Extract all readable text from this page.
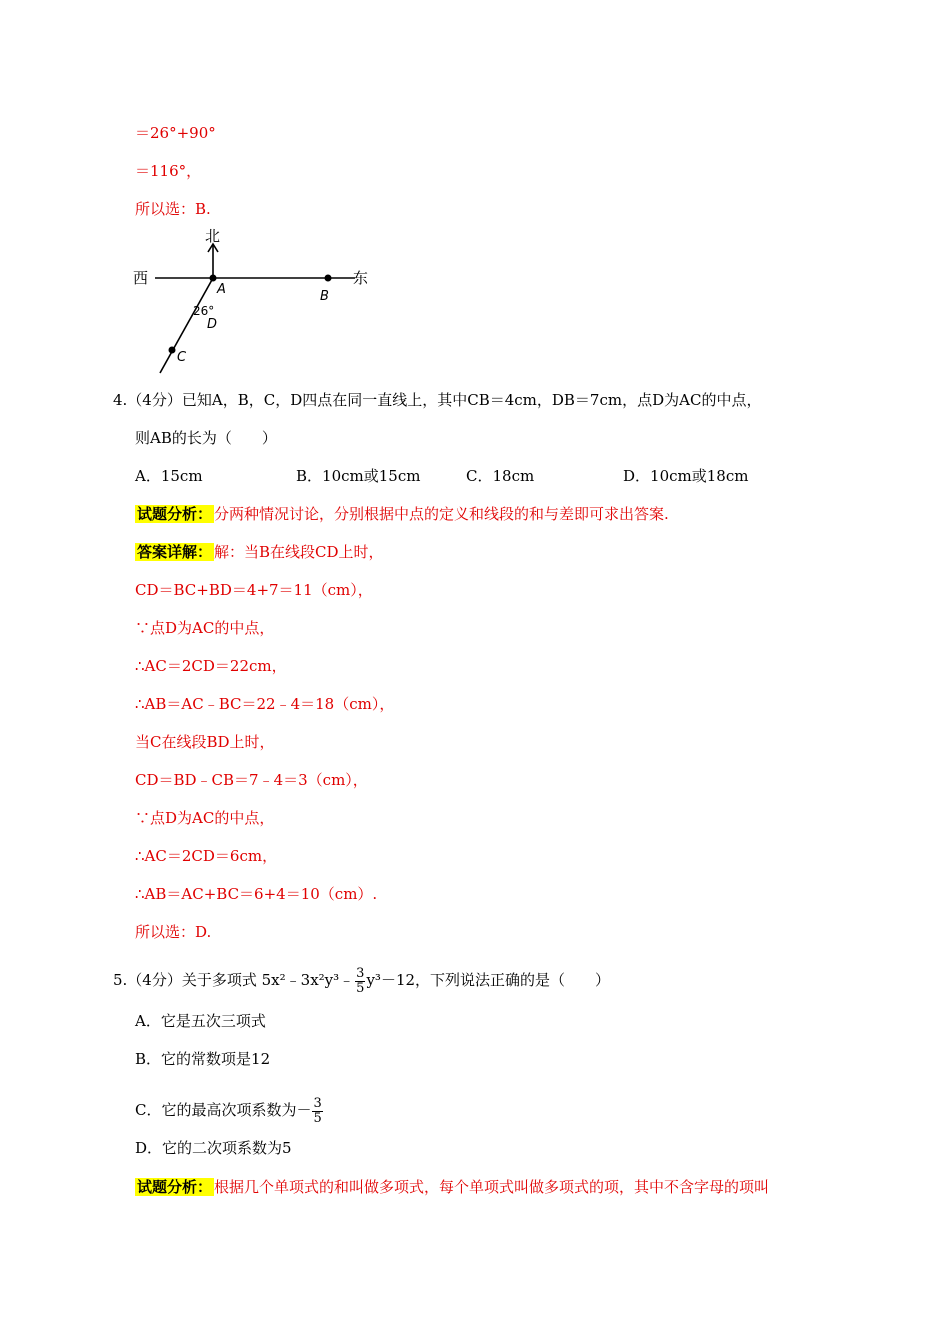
＝26°+90°
＝116°，
所以选：B.
北
西	东
A	B
C
D
26°
4.（4分）已知A，B，C，D四点在同一直线上，其中CB＝4cm，DB＝7cm，点D为AC的中点，
则AB的长为（　　）
A．15cm	B．10cm或15cm	C．18cm	D．10cm或18cm
试题分析： 分两种情况讨论，分别根据中点的定义和线段的和与差即可求出答案.
答案详解： 解：当B在线段CD上时，
CD＝BC+BD＝4+7＝11（cm），
∵点D为AC的中点，
∴AC＝2CD＝22cm，
∴AB＝AC﹣BC＝22﹣4＝18（cm），
当C在线段BD上时，
CD＝BD﹣CB＝7﹣4＝3（cm），
∵点D为AC的中点，
∴AC＝2CD＝6cm，
∴AB＝AC+BC＝6+4＝10（cm）.
所以选：D.
5.（4分）关于多项式 5x²﹣3x²y³﹣ $\frac{3}{5} y^3-12$，下列说法正确的是（　　）
A．它是五次三项式
B．它的常数项是12
C．它的最高次项系数为－ $\frac{3}{5}$
D．它的二次项系数为5
试题分析： 根据几个单项式的和叫做多项式，每个单项式叫做多项式的项，其中不含字母的项叫
